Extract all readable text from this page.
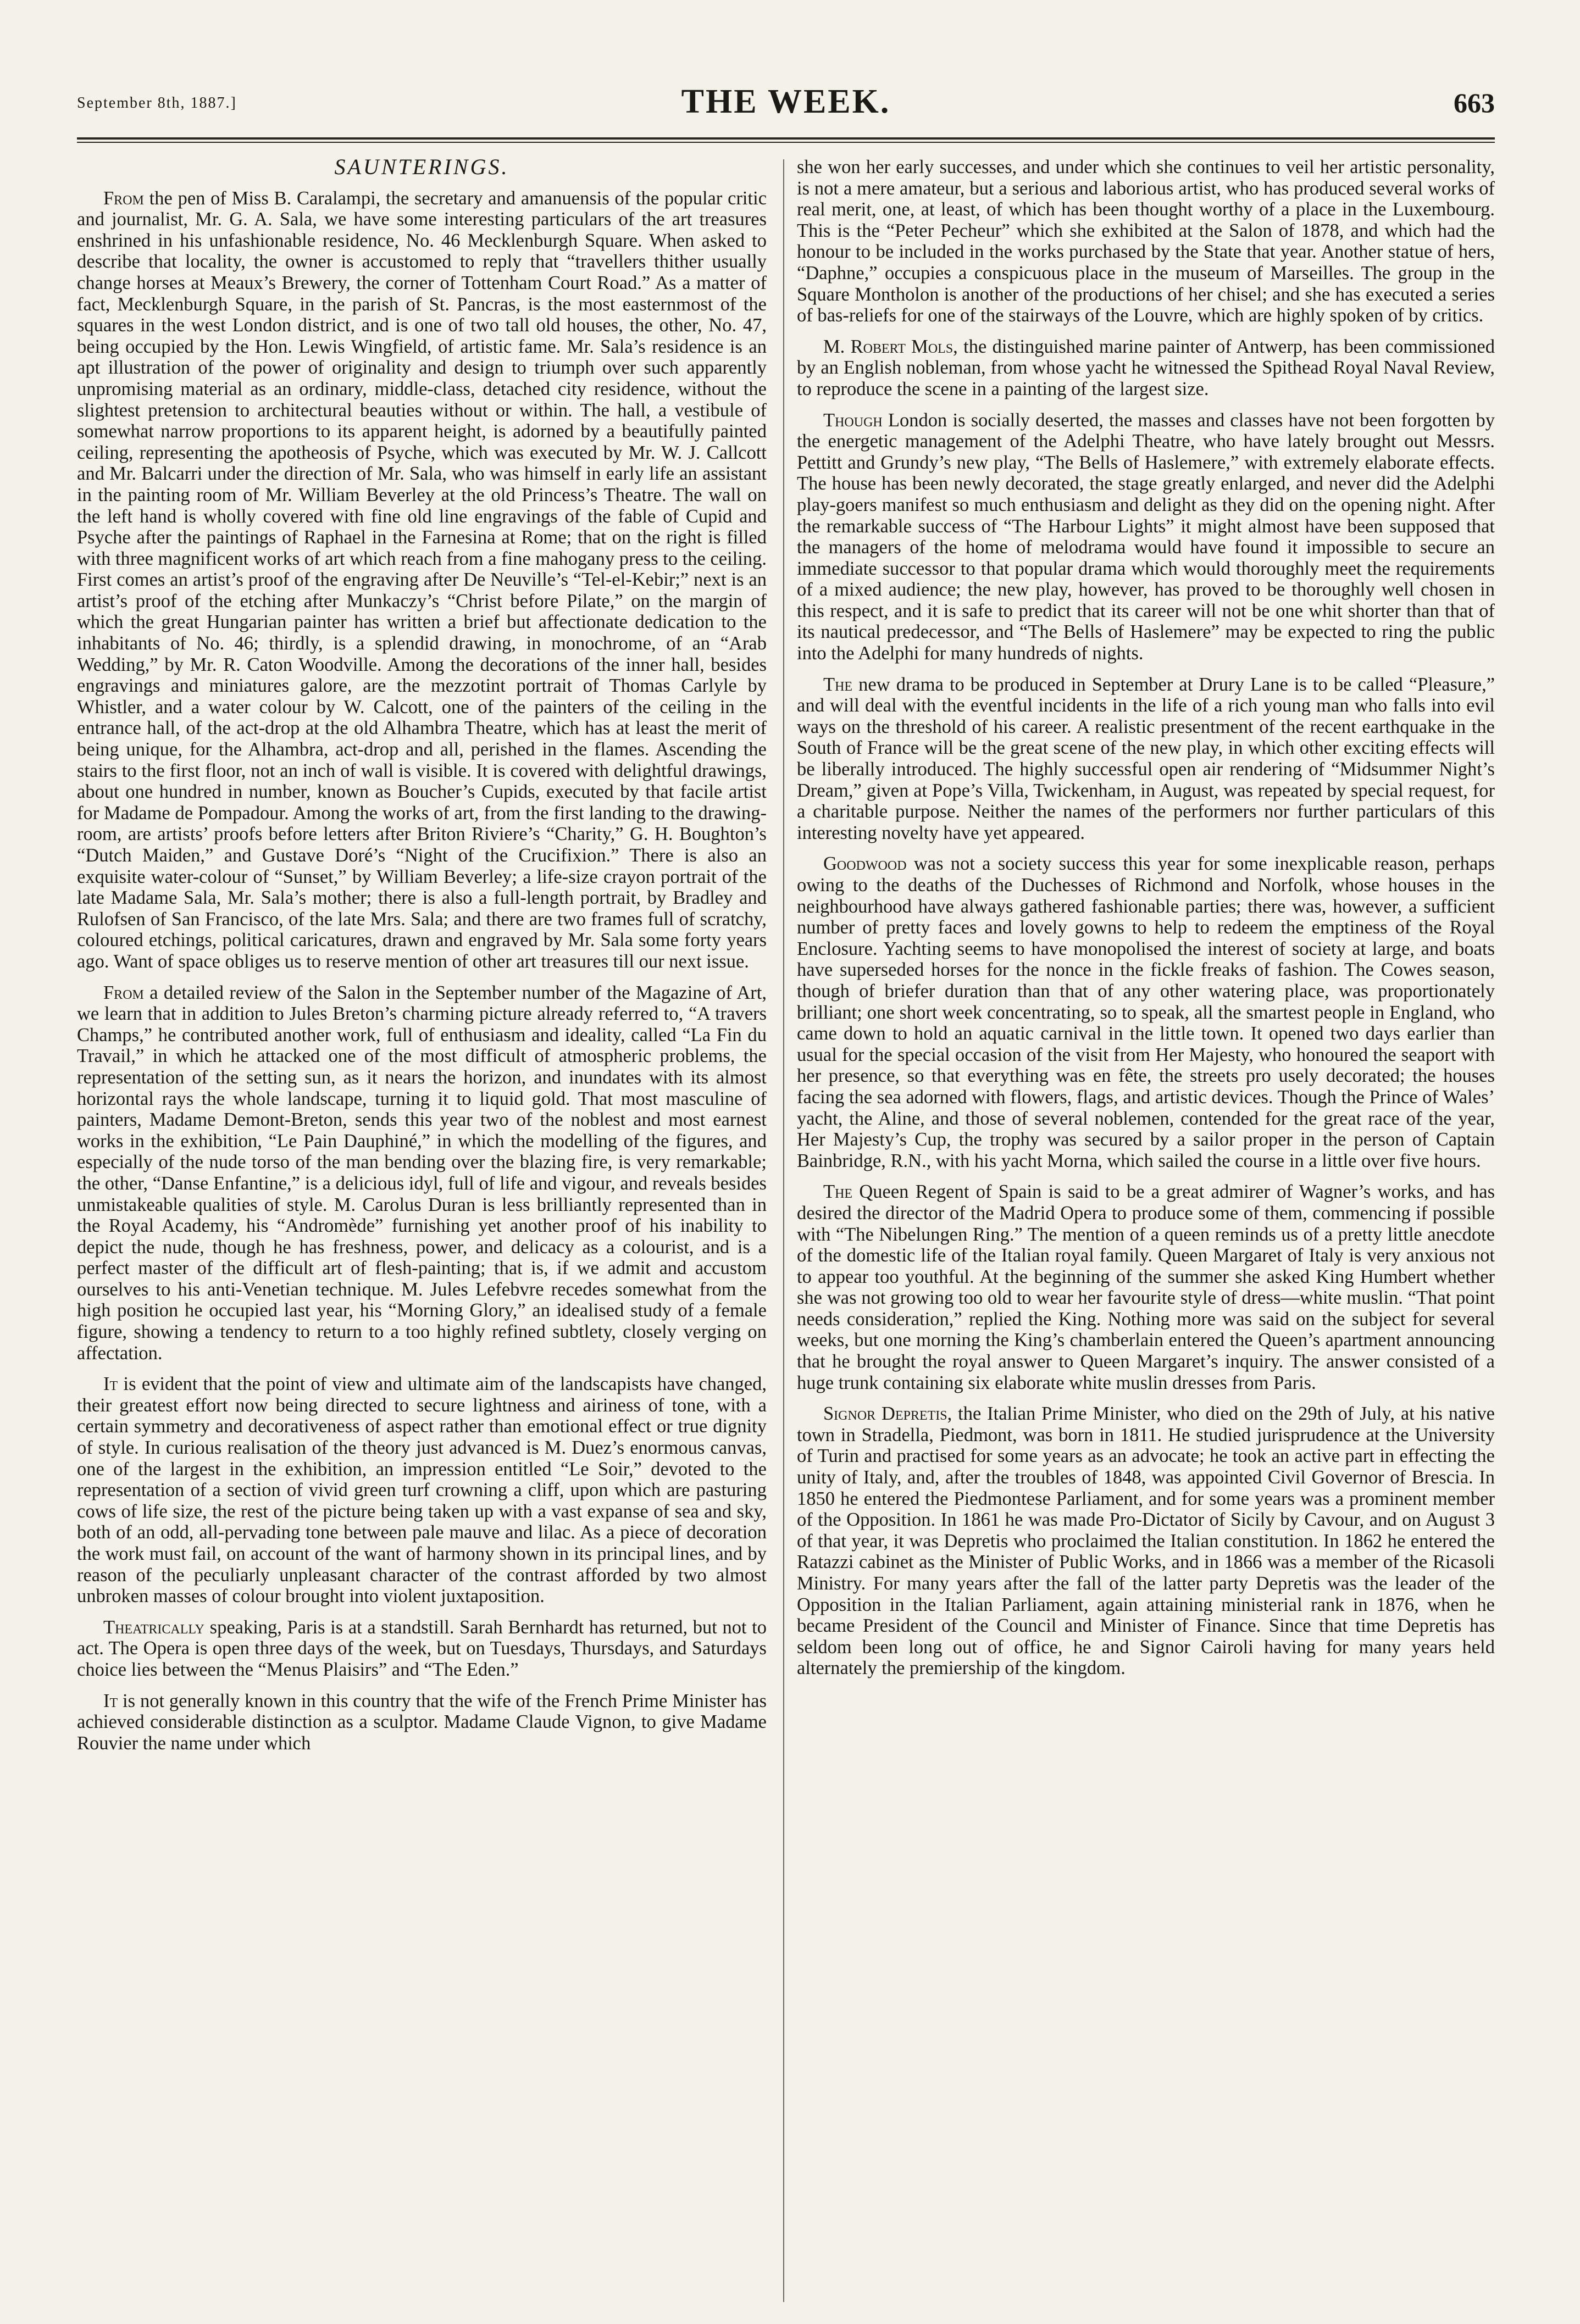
September 8th, 1887.]	THE WEEK.	663
SAUNTERINGS.

From the pen of Miss B. Caralampi, the secretary and amanuensis of the popular critic and journalist, Mr. G. A. Sala, we have some interesting particulars of the art treasures enshrined in his unfashionable residence, No. 46 Mecklenburgh Square. When asked to describe that locality, the owner is accustomed to reply that “travellers thither usually change horses at Meaux’s Brewery, the corner of Tottenham Court Road.” As a matter of fact, Mecklenburgh Square, in the parish of St. Pancras, is the most easternmost of the squares in the west London district, and is one of two tall old houses, the other, No. 47, being occupied by the Hon. Lewis Wingfield, of artistic fame. Mr. Sala’s residence is an apt illustration of the power of originality and design to triumph over such apparently unpromising material as an ordinary, middle-class, detached city residence, without the slightest pretension to architectural beauties without or within. The hall, a vestibule of somewhat narrow proportions to its apparent height, is adorned by a beautifully painted ceiling, representing the apotheosis of Psyche, which was executed by Mr. W. J. Callcott and Mr. Balcarri under the direction of Mr. Sala, who was himself in early life an assistant in the painting room of Mr. William Beverley at the old Princess’s Theatre. The wall on the left hand is wholly covered with fine old line engravings of the fable of Cupid and Psyche after the paintings of Raphael in the Farnesina at Rome; that on the right is filled with three magnificent works of art which reach from a fine mahogany press to the ceiling. First comes an artist’s proof of the engraving after De Neuville’s “Tel-el-Kebir;” next is an artist’s proof of the etching after Munkaczy’s “Christ before Pilate,” on the margin of which the great Hungarian painter has written a brief but affectionate dedication to the inhabitants of No. 46; thirdly, is a splendid drawing, in monochrome, of an “Arab Wedding,” by Mr. R. Caton Woodville. Among the decorations of the inner hall, besides engravings and miniatures galore, are the mezzotint portrait of Thomas Carlyle by Whistler, and a water colour by W. Calcott, one of the painters of the ceiling in the entrance hall, of the act-drop at the old Alhambra Theatre, which has at least the merit of being unique, for the Alhambra, act-drop and all, perished in the flames. Ascending the stairs to the first floor, not an inch of wall is visible. It is covered with delightful drawings, about one hundred in number, known as Boucher’s Cupids, executed by that facile artist for Madame de Pompadour. Among the works of art, from the first landing to the drawing-room, are artists’ proofs before letters after Briton Riviere’s “Charity,” G. H. Boughton’s “Dutch Maiden,” and Gustave Doré’s “Night of the Crucifixion.” There is also an exquisite water-colour of “Sunset,” by William Beverley; a life-size crayon portrait of the late Madame Sala, Mr. Sala’s mother; there is also a full-length portrait, by Bradley and Rulofsen of San Francisco, of the late Mrs. Sala; and there are two frames full of scratchy, coloured etchings, political caricatures, drawn and engraved by Mr. Sala some forty years ago. Want of space obliges us to reserve mention of other art treasures till our next issue.

From a detailed review of the Salon in the September number of the Magazine of Art, we learn that in addition to Jules Breton’s charming picture already referred to, “A travers Champs,” he contributed another work, full of enthusiasm and ideality, called “La Fin du Travail,” in which he attacked one of the most difficult of atmospheric problems, the representation of the setting sun, as it nears the horizon, and inundates with its almost horizontal rays the whole landscape, turning it to liquid gold. That most masculine of painters, Madame Demont-Breton, sends this year two of the noblest and most earnest works in the exhibition, “Le Pain Dauphiné,” in which the modelling of the figures, and especially of the nude torso of the man bending over the blazing fire, is very remarkable; the other, “Danse Enfantine,” is a delicious idyl, full of life and vigour, and reveals besides unmistakeable qualities of style. M. Carolus Duran is less brilliantly represented than in the Royal Academy, his “Andromède” furnishing yet another proof of his inability to depict the nude, though he has freshness, power, and delicacy as a colourist, and is a perfect master of the difficult art of flesh-painting; that is, if we admit and accustom ourselves to his anti-Venetian technique. M. Jules Lefebvre recedes somewhat from the high position he occupied last year, his “Morning Glory,” an idealised study of a female figure, showing a tendency to return to a too highly refined subtlety, closely verging on affectation.

It is evident that the point of view and ultimate aim of the landscapists have changed, their greatest effort now being directed to secure lightness and airiness of tone, with a certain symmetry and decorativeness of aspect rather than emotional effect or true dignity of style. In curious realisation of the theory just advanced is M. Duez’s enormous canvas, one of the largest in the exhibition, an impression entitled “Le Soir,” devoted to the representation of a section of vivid green turf crowning a cliff, upon which are pasturing cows of life size, the rest of the picture being taken up with a vast expanse of sea and sky, both of an odd, all-pervading tone between pale mauve and lilac. As a piece of decoration the work must fail, on account of the want of harmony shown in its principal lines, and by reason of the peculiarly unpleasant character of the contrast afforded by two almost unbroken masses of colour brought into violent juxtaposition.

Theatrically speaking, Paris is at a standstill. Sarah Bernhardt has returned, but not to act. The Opera is open three days of the week, but on Tuesdays, Thursdays, and Saturdays choice lies between the “Menus Plaisirs” and “The Eden.”

It is not generally known in this country that the wife of the French Prime Minister has achieved considerable distinction as a sculptor. Madame Claude Vignon, to give Madame Rouvier the name under which

she won her early successes, and under which she continues to veil her artistic personality, is not a mere amateur, but a serious and laborious artist, who has produced several works of real merit, one, at least, of which has been thought worthy of a place in the Luxembourg. This is the “Peter Pecheur” which she exhibited at the Salon of 1878, and which had the honour to be included in the works purchased by the State that year. Another statue of hers, “Daphne,” occupies a conspicuous place in the museum of Marseilles. The group in the Square Montholon is another of the productions of her chisel; and she has executed a series of bas-reliefs for one of the stairways of the Louvre, which are highly spoken of by critics.

M. Robert Mols, the distinguished marine painter of Antwerp, has been commissioned by an English nobleman, from whose yacht he witnessed the Spithead Royal Naval Review, to reproduce the scene in a painting of the largest size.

Though London is socially deserted, the masses and classes have not been forgotten by the energetic management of the Adelphi Theatre, who have lately brought out Messrs. Pettitt and Grundy’s new play, “The Bells of Haslemere,” with extremely elaborate effects. The house has been newly decorated, the stage greatly enlarged, and never did the Adelphi play-goers manifest so much enthusiasm and delight as they did on the opening night. After the remarkable success of “The Harbour Lights” it might almost have been supposed that the managers of the home of melodrama would have found it impossible to secure an immediate successor to that popular drama which would thoroughly meet the requirements of a mixed audience; the new play, however, has proved to be thoroughly well chosen in this respect, and it is safe to predict that its career will not be one whit shorter than that of its nautical predecessor, and “The Bells of Haslemere” may be expected to ring the public into the Adelphi for many hundreds of nights.

The new drama to be produced in September at Drury Lane is to be called “Pleasure,” and will deal with the eventful incidents in the life of a rich young man who falls into evil ways on the threshold of his career. A realistic presentment of the recent earthquake in the South of France will be the great scene of the new play, in which other exciting effects will be liberally introduced. The highly successful open air rendering of “Midsummer Night’s Dream,” given at Pope’s Villa, Twickenham, in August, was repeated by special request, for a charitable purpose. Neither the names of the performers nor further particulars of this interesting novelty have yet appeared.

Goodwood was not a society success this year for some inexplicable reason, perhaps owing to the deaths of the Duchesses of Richmond and Norfolk, whose houses in the neighbourhood have always gathered fashionable parties; there was, however, a sufficient number of pretty faces and lovely gowns to help to redeem the emptiness of the Royal Enclosure. Yachting seems to have monopolised the interest of society at large, and boats have superseded horses for the nonce in the fickle freaks of fashion. The Cowes season, though of briefer duration than that of any other watering place, was proportionately brilliant; one short week concentrating, so to speak, all the smartest people in England, who came down to hold an aquatic carnival in the little town. It opened two days earlier than usual for the special occasion of the visit from Her Majesty, who honoured the seaport with her presence, so that everything was en fête, the streets pro usely decorated; the houses facing the sea adorned with flowers, flags, and artistic devices. Though the Prince of Wales’ yacht, the Aline, and those of several noblemen, contended for the great race of the year, Her Majesty’s Cup, the trophy was secured by a sailor proper in the person of Captain Bainbridge, R.N., with his yacht Morna, which sailed the course in a little over five hours.

The Queen Regent of Spain is said to be a great admirer of Wagner’s works, and has desired the director of the Madrid Opera to produce some of them, commencing if possible with “The Nibelungen Ring.” The mention of a queen reminds us of a pretty little anecdote of the domestic life of the Italian royal family. Queen Margaret of Italy is very anxious not to appear too youthful. At the beginning of the summer she asked King Humbert whether she was not growing too old to wear her favourite style of dress—white muslin. “That point needs consideration,” replied the King. Nothing more was said on the subject for several weeks, but one morning the King’s chamberlain entered the Queen’s apartment announcing that he brought the royal answer to Queen Margaret’s inquiry. The answer consisted of a huge trunk containing six elaborate white muslin dresses from Paris.

Signor Depretis, the Italian Prime Minister, who died on the 29th of July, at his native town in Stradella, Piedmont, was born in 1811. He studied jurisprudence at the University of Turin and practised for some years as an advocate; he took an active part in effecting the unity of Italy, and, after the troubles of 1848, was appointed Civil Governor of Brescia. In 1850 he entered the Piedmontese Parliament, and for some years was a prominent member of the Opposition. In 1861 he was made Pro-Dictator of Sicily by Cavour, and on August 3 of that year, it was Depretis who proclaimed the Italian constitution. In 1862 he entered the Ratazzi cabinet as the Minister of Public Works, and in 1866 was a member of the Ricasoli Ministry. For many years after the fall of the latter party Depretis was the leader of the Opposition in the Italian Parliament, again attaining ministerial rank in 1876, when he became President of the Council and Minister of Finance. Since that time Depretis has seldom been long out of office, he and Signor Cairoli having for many years held alternately the premiership of the kingdom.
